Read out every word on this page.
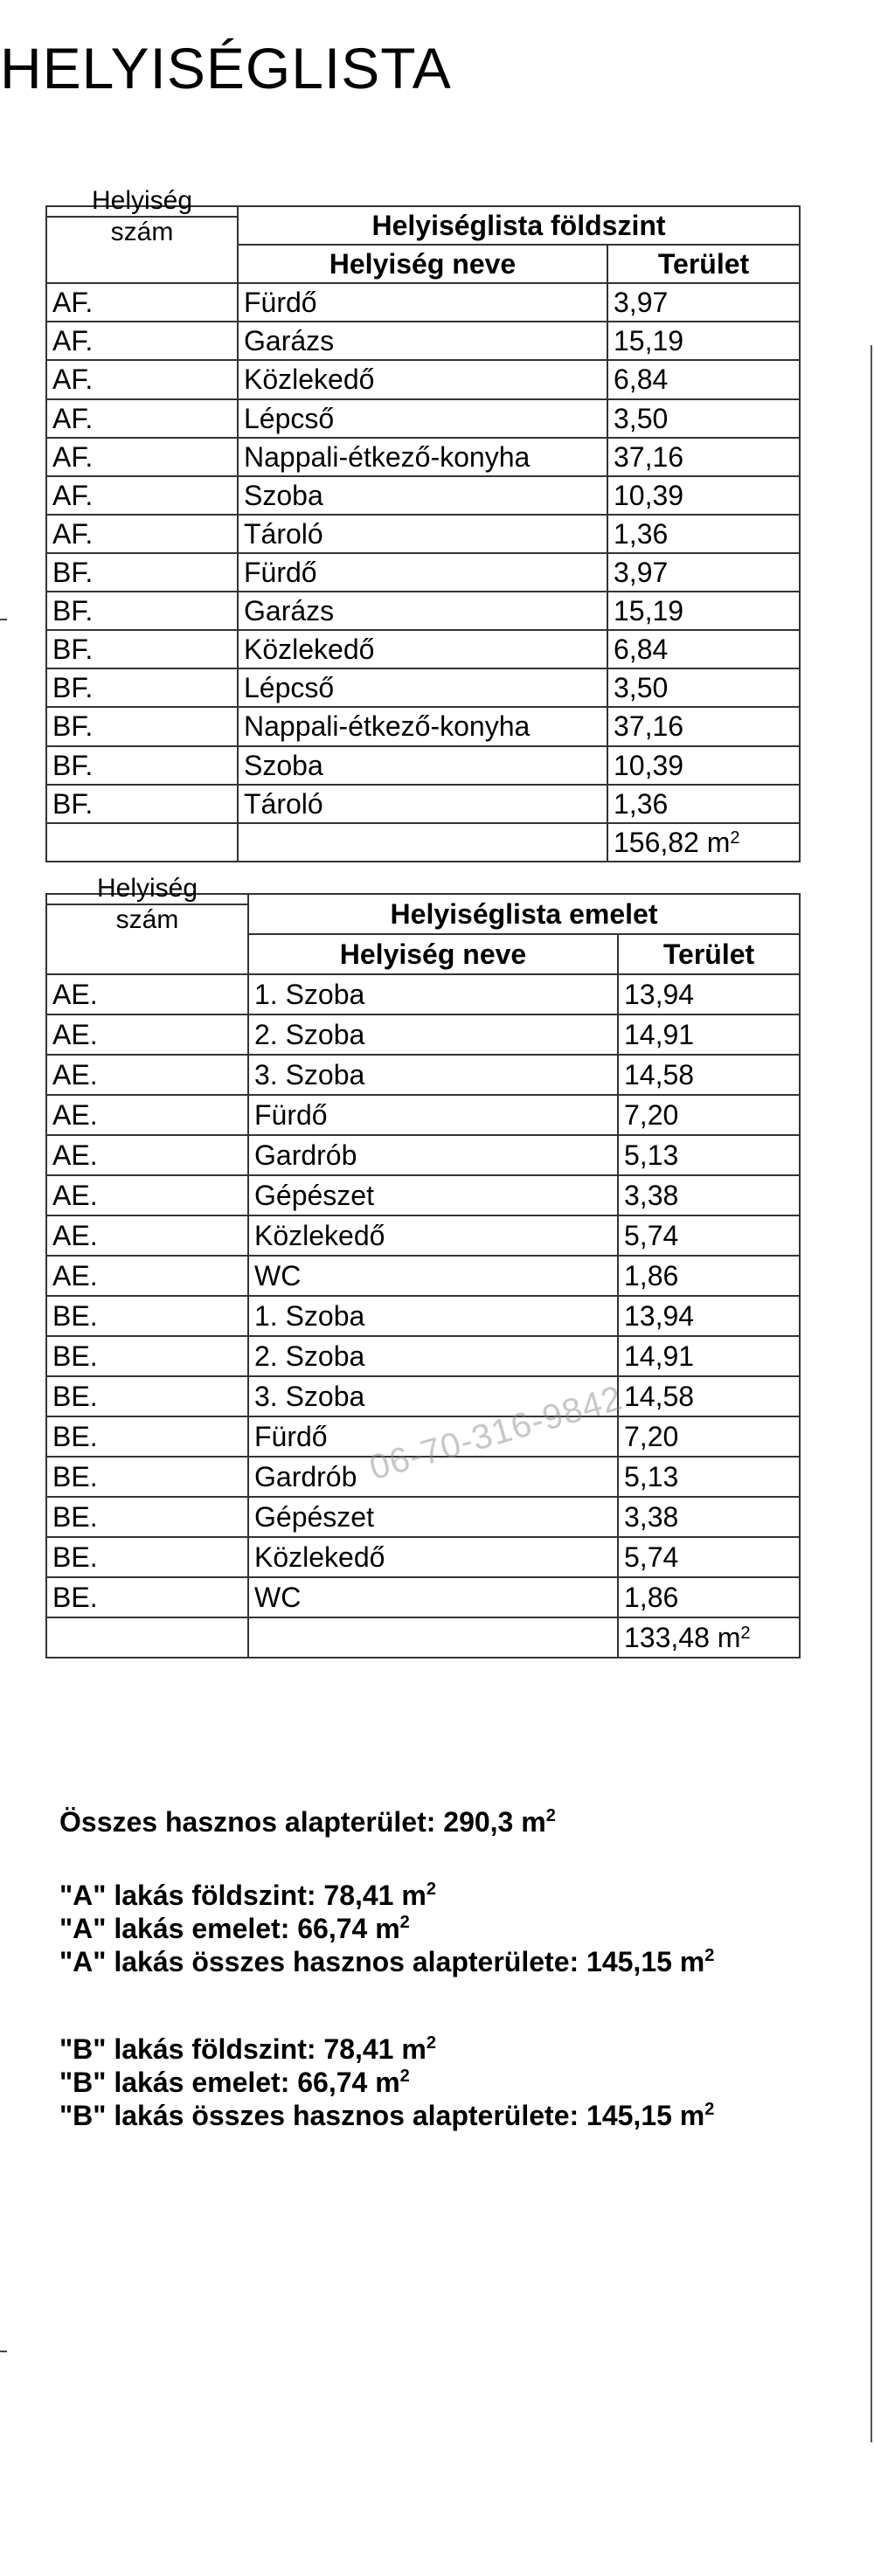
HELYISÉGLISTA
Helyiség
szám	Helyiséglista földszint	
	Helyiség neve	Terület
AF.	Fürdő	3,97
AF.	Garázs	15,19
AF.	Közlekedő	6,84
AF.	Lépcső	3,50
AF.	Nappali-étkező-konyha	37,16
AF.	Szoba	10,39
AF.	Tároló	1,36
BF.	Fürdő	3,97
BF.	Garázs	15,19
BF.	Közlekedő	6,84
BF.	Lépcső	3,50
BF.	Nappali-étkező-konyha	37,16
BF.	Szoba	10,39
BF.	Tároló	1,36
		156,82 $m^2$
Helyiség
szám	Helyiséglista emelet	
	Helyiség neve	Terület
AE.	1. Szoba	13,94
AE.	2. Szoba	14,91
AE.	3. Szoba	14,58
AE.	Fürdő	7,20
AE.	Gardrób	5,13
AE.	Gépészet	3,38
AE.	Közlekedő	5,74
AE.	WC	1,86
BE.	1. Szoba	13,94
BE.	2. Szoba	14,91
BE.	3. Szoba	14,58
BE.	Fürdő	7,20
BE.	Gardrób	5,13
BE.	Gépészet	3,38
BE.	Közlekedő	5,74
BE.	WC	1,86
		133,48 $m^2$
Összes hasznos alapterület: 290,3 $m^2$
"A" lakás földszint: 78,41 $m^2$
"A" lakás emelet: 66,74 $m^2$
"A" lakás összes hasznos alapterülete: 145,15 $m^2$
"B" lakás földszint: 78,41 $m^2$
"B" lakás emelet: 66,74 $m^2$
"B" lakás összes hasznos alapterülete: 145,15 $m^2$
06-70-316-9842
